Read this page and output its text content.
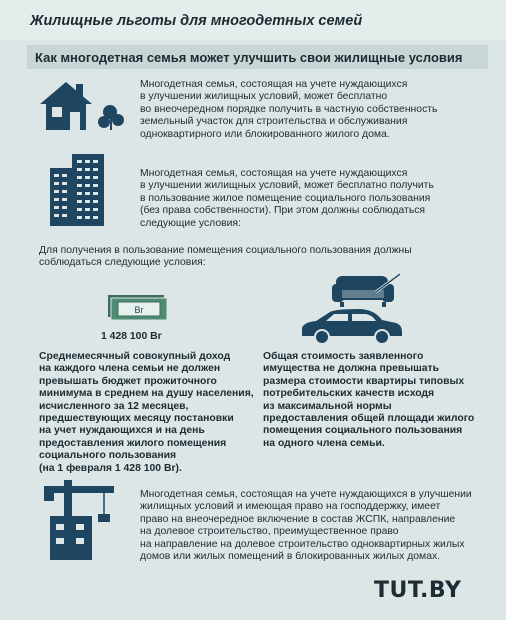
Жилищные льготы для многодетных семей
Как многодетная семья может улучшить свои жилищные условия
Многодетная семья, состоящая на учете нуждающихся
в улучшении жилищных условий, может бесплатно
во внеочередном порядке получить в частную собственность
земельный участок для строительства и обслуживания
одноквартирного или блокированного жилого дома.
Многодетная семья, состоящая на учете нуждающихся
в улучшении жилищных условий, может бесплатно получить
в пользование жилое помещение социального пользования
(без права собственности). При этом должны соблюдаться
следующие условия:
Для получения в пользование помещения социального пользования должны
соблюдаться следующие условия:
Br
1 428 100 Br
Среднемесячный совокупный доход
на каждого члена семьи не должен
превышать бюджет прожиточного
минимума в среднем на душу населения,
исчисленного за 12 месяцев,
предшествующих месяцу постановки
на учет нуждающихся и на день
предоставления жилого помещения
социального пользования
(на 1 февраля 1 428 100 Br).
Общая стоимость заявленного
имущества не должна превышать
размера стоимости квартиры типовых
потребительских качеств исходя
из максимальной нормы
предоставления общей площади жилого
помещения социального пользования
на одного члена семьи.
Многодетная семья, состоящая на учете нуждающихся в улучшении
жилищных условий и имеющая право на господдержку, имеет
право на внеочередное включение в состав ЖСПК, направление
на долевое строительство, преимущественное право
на направление на долевое строительство одноквартирных жилых
домов или жилых помещений в блокированных жилых домах.
TUT.BY
